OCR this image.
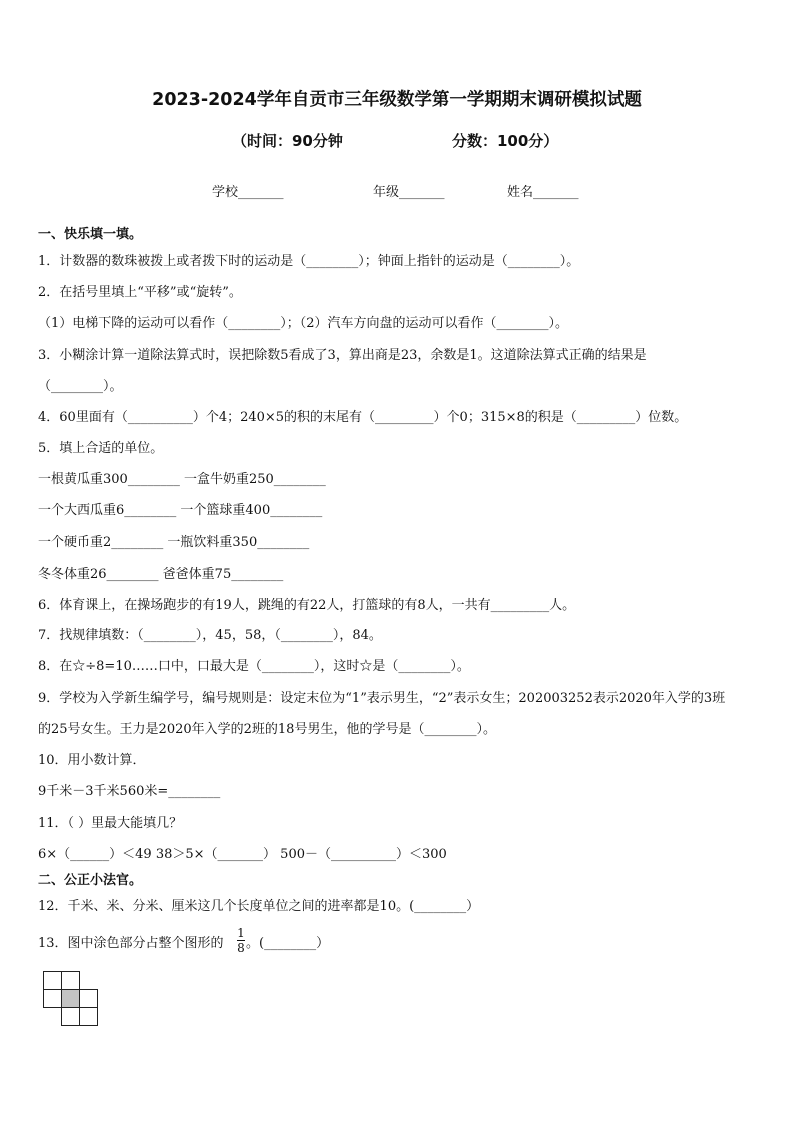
2023-2024学年自贡市三年级数学第一学期期末调研模拟试题
（时间：90分钟	分数：100分）
学校_______	年级_______	姓名_______
一、快乐填一填。
1．计数器的数珠被拨上或者拨下时的运动是（________）；钟面上指针的运动是（________）。
2．在括号里填上“平移”或“旋转”。
（1）电梯下降的运动可以看作（________）；（2）汽车方向盘的运动可以看作（________）。
3．小糊涂计算一道除法算式时，误把除数5看成了3，算出商是23，余数是1。这道除法算式正确的结果是
（________）。
4．60里面有（__________）个4；240×5的积的末尾有（_________）个0；315×8的积是（_________）位数。
5．填上合适的单位。
一根黄瓜重300________ 一盒牛奶重250________
一个大西瓜重6________ 一个篮球重400________
一个硬币重2________ 一瓶饮料重350________
冬冬体重26________ 爸爸体重75________
6．体育课上，在操场跑步的有19人，跳绳的有22人，打篮球的有8人，一共有_________人。
7．找规律填数：（________），45，58，（________），84。
8．在☆÷8=10……口中，口最大是（________），这时☆是（________）。
9．学校为入学新生编学号，编号规则是：设定末位为“1”表示男生，“2”表示女生；202003252表示2020年入学的3班
的25号女生。王力是2020年入学的2班的18号男生，他的学号是（________）。
10．用小数计算．
9千米－3千米560米=________
11．（ ）里最大能填几？
6×（______）＜49 38＞5×（_______） 500－（__________）＜300
二、公正小法官。
12．千米、米、分米、厘米这几个长度单位之间的进率都是10。(________）
13．图中涂色部分占整个图形的
1
8 。(________）
